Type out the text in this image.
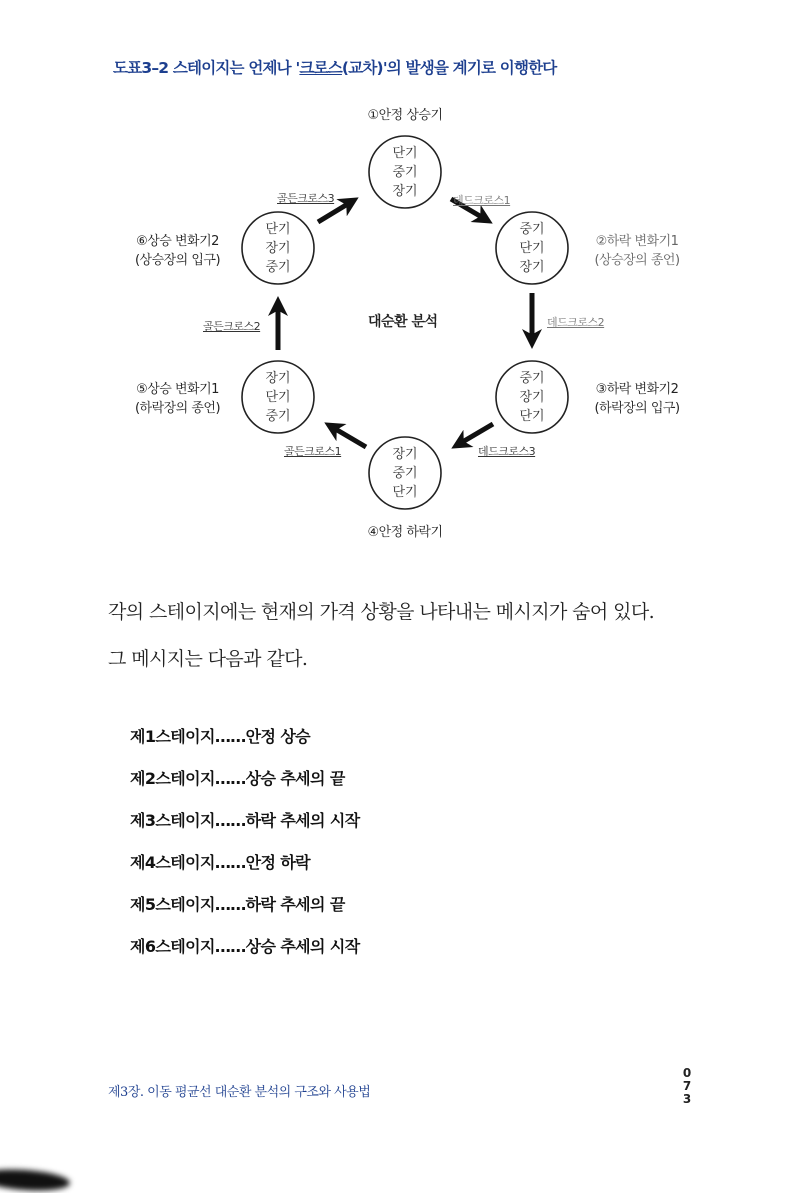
도표3–2 스테이지는 언제나 '크로스(교차)'의 발생을 계기로 이행한다
①안정 상승기
②하락 변화기1
(상승장의 종언)
③하락 변화기2
(하락장의 입구)
④안정 하락기
⑤상승 변화기1
(하락장의 종언)
⑥상승 변화기2
(상승장의 입구)
단기
중기
장기
중기
단기
장기
중기
장기
단기
장기
중기
단기
장기
단기
중기
단기
장기
중기
데드크로스1
데드크로스2
데드크로스3
골든크로스1
골든크로스2
골든크로스3
대순환 분석
각의 스테이지에는 현재의 가격 상황을 나타내는 메시지가 숨어 있다.
그 메시지는 다음과 같다.
제1스테이지……안정 상승
제2스테이지……상승 추세의 끝
제3스테이지……하락 추세의 시작
제4스테이지……안정 하락
제5스테이지……하락 추세의 끝
제6스테이지……상승 추세의 시작
제3장. 이동 평균선 대순환 분석의 구조와 사용법
0
7
3
